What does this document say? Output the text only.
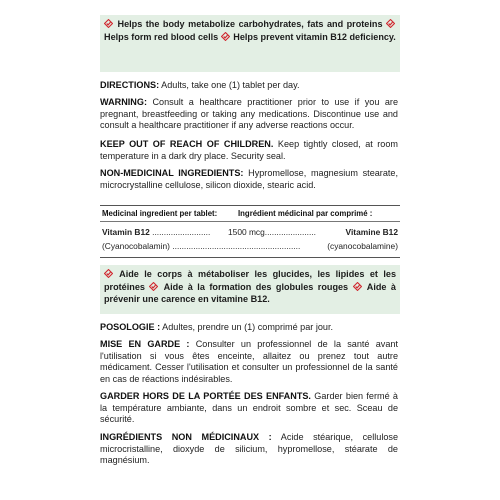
Helps the body metabolize carbohydrates, fats and proteins
Helps form red blood cells Helps prevent vitamin B12 deficiency.
DIRECTIONS: Adults, take one (1) tablet per day.
WARNING: Consult a healthcare practitioner prior to use if you are pregnant, breastfeeding or taking any medications. Discontinue use and consult a healthcare practitioner if any adverse reactions occur.
KEEP OUT OF REACH OF CHILDREN. Keep tightly closed, at room temperature in a dark dry place. Security seal.
NON-MEDICINAL INGREDIENTS: Hypromellose, magnesium stearate, microcrystalline cellulose, silicon dioxide, stearic acid.
Medicinal ingredient per tablet:	Ingrédient médicinal par comprimé :
Vitamin B12 ......................... 1500 mcg......................	Vitamine B12
(Cyanocobalamin) .......................................................	(cyanocobalamine)
Aide le corps à métaboliser les glucides, les lipides et les protéines Aide à la formation des globules rouges Aide à prévenir une carence en vitamine B12.
POSOLOGIE : Adultes, prendre un (1) comprimé par jour.
MISE EN GARDE : Consulter un professionnel de la santé avant l'utilisation si vous êtes enceinte, allaitez ou prenez tout autre médicament. Cesser l'utilisation et consulter un professionnel de la santé en cas de réactions indésirables.
GARDER HORS DE LA PORTÉE DES ENFANTS. Garder bien fermé à la température ambiante, dans un endroit sombre et sec. Sceau de sécurité.
INGRÉDIENTS NON MÉDICINAUX : Acide stéarique, cellulose microcristalline, dioxyde de silicium, hypromellose, stéarate de magnésium.
